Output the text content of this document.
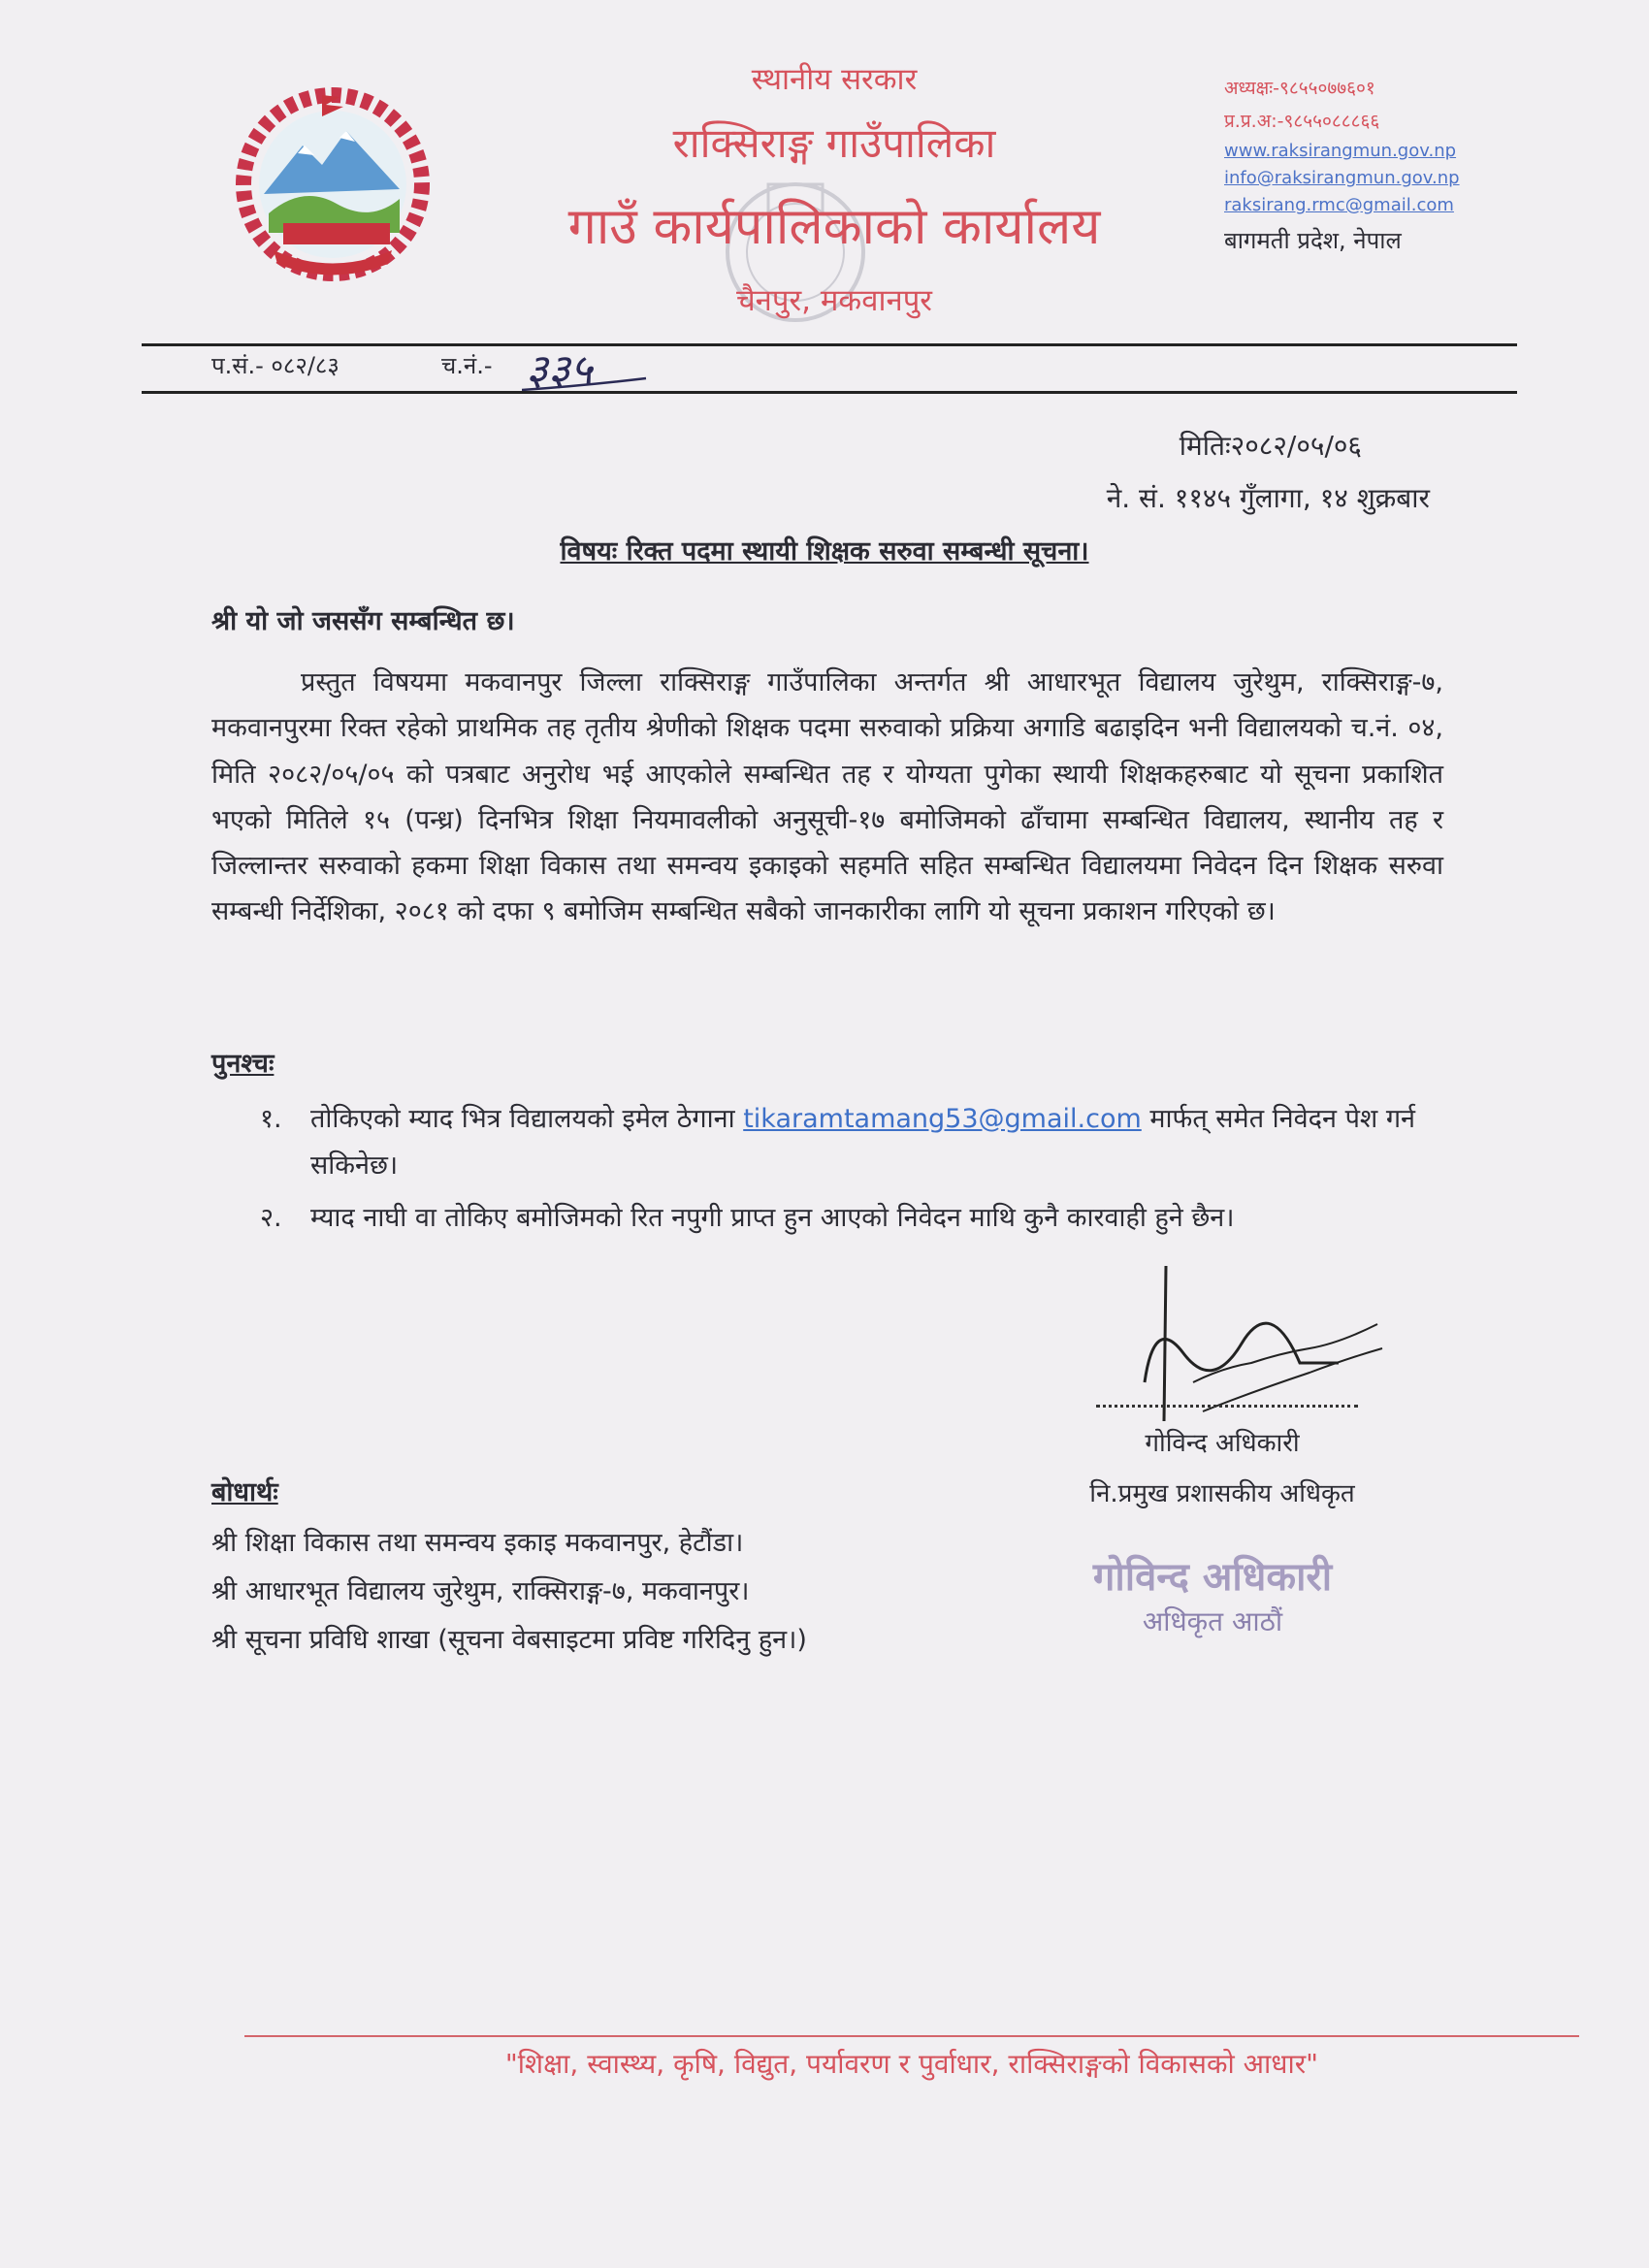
स्थानीय सरकार
राक्सिराङ्ग गाउँपालिका
गाउँ कार्यपालिकाको कार्यालय
चैनपुर, मकवानपुर
अध्यक्षः-९८५५०७७६०१
प्र.प्र.अ:-९८५५०८८८६६
www.raksirangmun.gov.np
info@raksirangmun.gov.np
raksirang.rmc@gmail.com
बागमती प्रदेश, नेपाल
प.सं.- ०८२/८३	च.नं.- ३३५
मितिः२०८२/०५/०६
ने. सं. ११४५ गुँलागा, १४ शुक्रबार
विषयः रिक्त पदमा स्थायी शिक्षक सरुवा सम्बन्धी सूचना।
श्री यो जो जससँग सम्बन्धित छ।
प्रस्तुत विषयमा मकवानपुर जिल्ला राक्सिराङ्ग गाउँपालिका अन्तर्गत श्री आधारभूत विद्यालय जुरेथुम, राक्सिराङ्ग-७, मकवानपुरमा रिक्त रहेको प्राथमिक तह तृतीय श्रेणीको शिक्षक पदमा सरुवाको प्रक्रिया अगाडि बढाइदिन भनी विद्यालयको च.नं. ०४, मिति २०८२/०५/०५ को पत्रबाट अनुरोध भई आएकोले सम्बन्धित तह र योग्यता पुगेका स्थायी शिक्षकहरुबाट यो सूचना प्रकाशित भएको मितिले १५ (पन्ध्र) दिनभित्र शिक्षा नियमावलीको अनुसूची-१७ बमोजिमको ढाँचामा सम्बन्धित विद्यालय, स्थानीय तह र जिल्लान्तर सरुवाको हकमा शिक्षा विकास तथा समन्वय इकाइको सहमति सहित सम्बन्धित विद्यालयमा निवेदन दिन शिक्षक सरुवा सम्बन्धी निर्देशिका, २०८१ को दफा ९ बमोजिम सम्बन्धित सबैको जानकारीका लागि यो सूचना प्रकाशन गरिएको छ।
पुनश्चः
१. तोकिएको म्याद भित्र विद्यालयको इमेल ठेगाना tikaramtamang53@gmail.com मार्फत् समेत निवेदन पेश गर्न सकिनेछ।
२. म्याद नाघी वा तोकिए बमोजिमको रित नपुगी प्राप्त हुन आएको निवेदन माथि कुनै कारवाही हुने छैन।
गोविन्द अधिकारी
नि.प्रमुख प्रशासकीय अधिकृत
गोविन्द अधिकारी
अधिकृत आठौं
बोधार्थः
श्री शिक्षा विकास तथा समन्वय इकाइ मकवानपुर, हेटौंडा।
श्री आधारभूत विद्यालय जुरेथुम, राक्सिराङ्ग-७, मकवानपुर।
श्री सूचना प्रविधि शाखा (सूचना वेबसाइटमा प्रविष्ट गरिदिनु हुन।)
"शिक्षा, स्वास्थ्य, कृषि, विद्युत, पर्यावरण र पुर्वाधार, राक्सिराङ्गको विकासको आधार"
